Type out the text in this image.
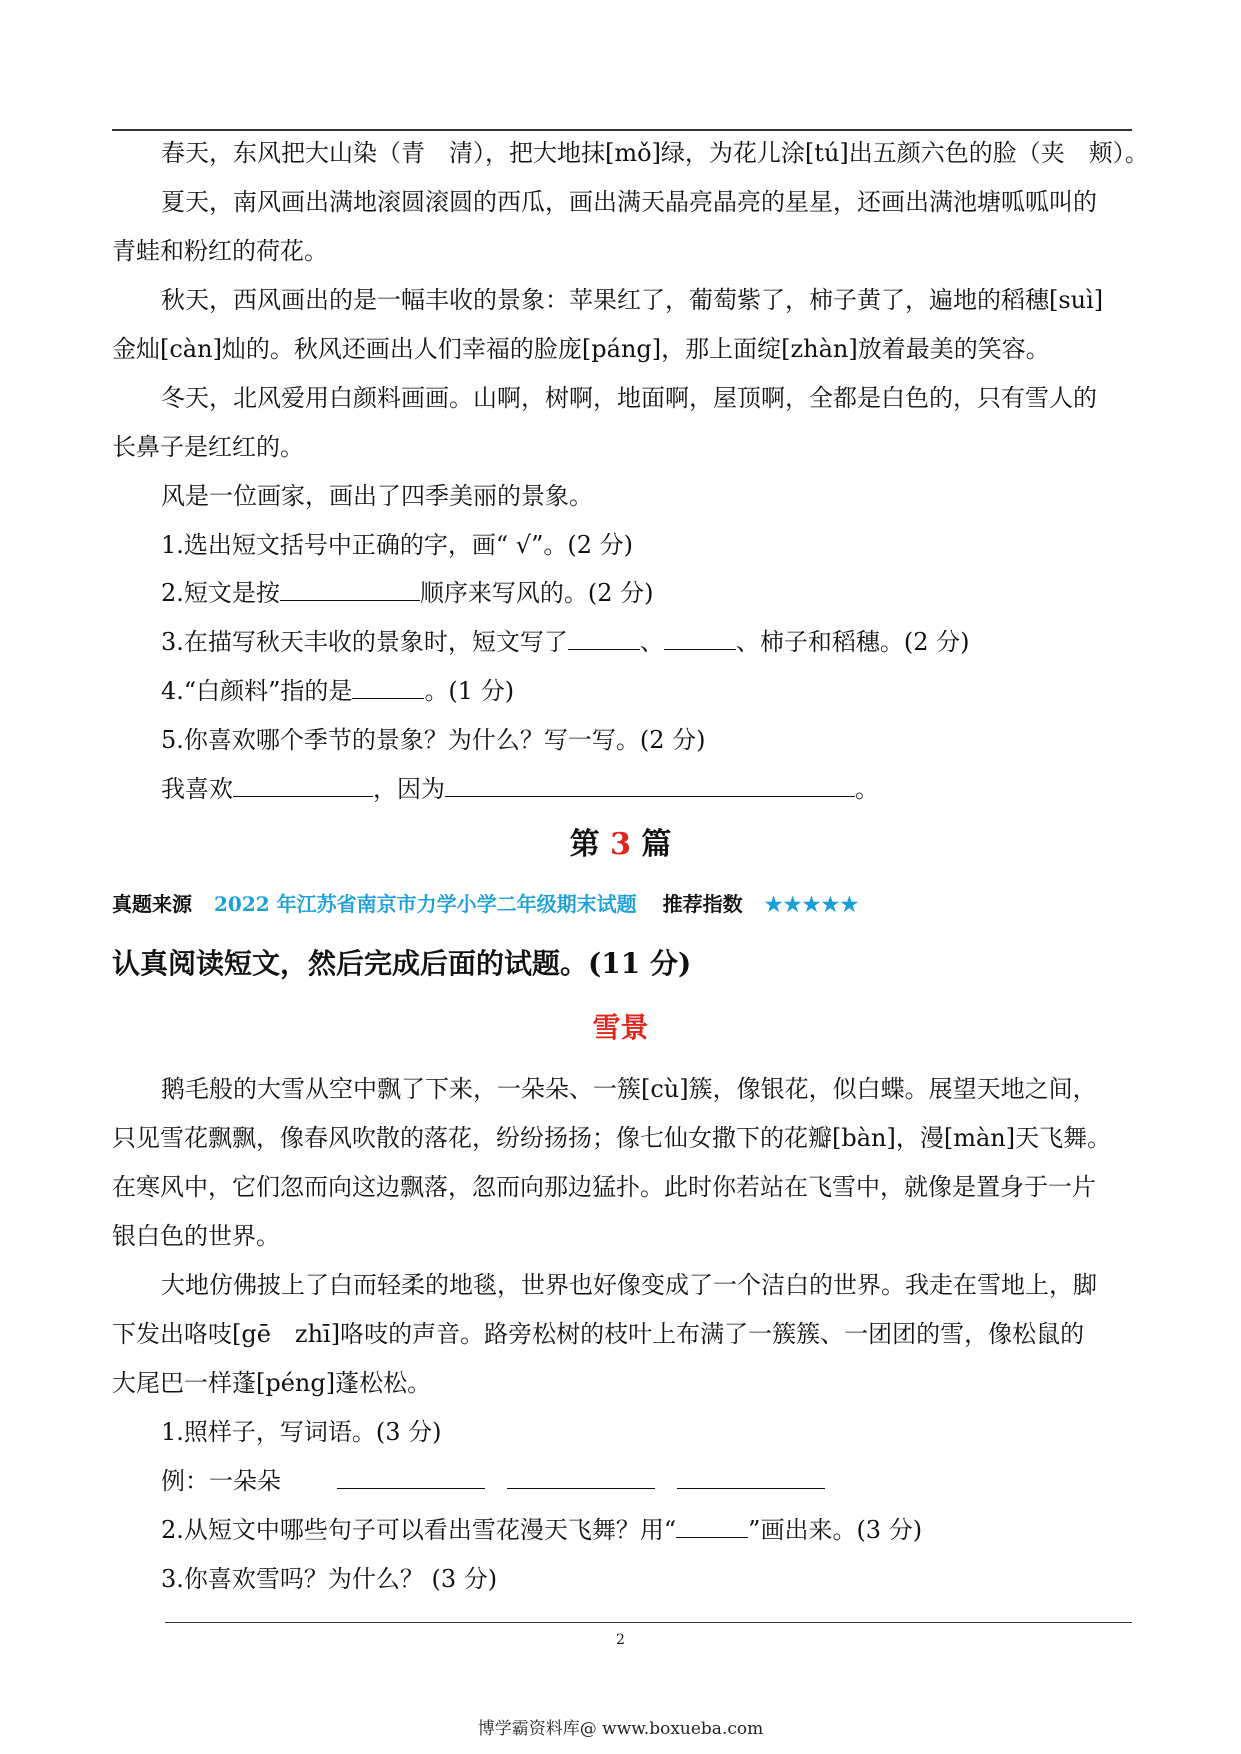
春天，东风把大山染（青　清），把大地抹[mǒ]绿，为花儿涂[tú]出五颜六色的脸（夹　颊）。
夏天，南风画出满地滚圆滚圆的西瓜，画出满天晶亮晶亮的星星，还画出满池塘呱呱叫的
青蛙和粉红的荷花。
秋天，西风画出的是一幅丰收的景象：苹果红了，葡萄紫了，柿子黄了，遍地的稻穗[suì]
金灿[càn]灿的。秋风还画出人们幸福的脸庞[páng]，那上面绽[zhàn]放着最美的笑容。
冬天，北风爱用白颜料画画。山啊，树啊，地面啊，屋顶啊，全都是白色的，只有雪人的
长鼻子是红红的。
风是一位画家，画出了四季美丽的景象。
1.选出短文括号中正确的字，画“ √”。(2 分)
2.短文是按	顺序来写风的。(2 分)
3.在描写秋天丰收的景象时，短文写了	、	、柿子和稻穗。(2 分)
4.“白颜料”指的是	。(1 分)
5.你喜欢哪个季节的景象？为什么？写一写。(2 分)
我喜欢	，因为	。
第 3 篇
真题来源 2022 年江苏省南京市力学小学二年级期末试题 推荐指数 ★★★★★
认真阅读短文，然后完成后面的试题。(11 分)
雪景
鹅毛般的大雪从空中飘了下来，一朵朵、一簇[cù]簇，像银花，似白蝶。展望天地之间，
只见雪花飘飘，像春风吹散的落花，纷纷扬扬；像七仙女撒下的花瓣[bàn]，漫[màn]天飞舞。
在寒风中，它们忽而向这边飘落，忽而向那边猛扑。此时你若站在飞雪中，就像是置身于一片
银白色的世界。
大地仿佛披上了白而轻柔的地毯，世界也好像变成了一个洁白的世界。我走在雪地上，脚
下发出咯吱[gē　zhī]咯吱的声音。路旁松树的枝叶上布满了一簇簇、一团团的雪，像松鼠的
大尾巴一样蓬[péng]蓬松松。
1.照样子，写词语。(3 分)
例：一朵朵
2.从短文中哪些句子可以看出雪花漫天飞舞？用“	”画出来。(3 分)
3.你喜欢雪吗？为什么？ (3 分)
2
博学霸资料库@ www.boxueba.com
